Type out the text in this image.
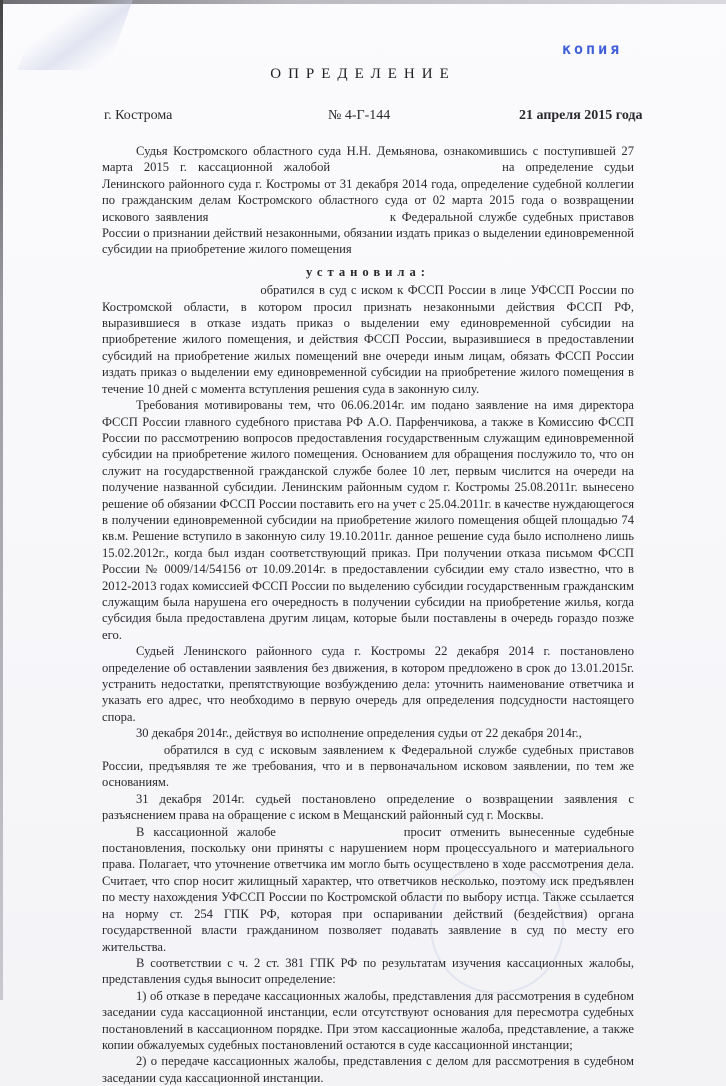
копия
ОПРЕДЕЛЕНИЕ
г. Кострома	№ 4-Г-144	21 апреля 2015 года

Судья Костромского областного суда Н.Н. Демьянова, ознакомившись с поступившей 27 марта 2015 г. кассационной жалобой	на определение судьи Ленинского районного суда г. Костромы от 31 декабря 2014 года, определение судебной коллегии по гражданским делам Костромского областного суда от 02 марта 2015 года о возвращении искового заявления	к Федеральной службе судебных приставов России о признании действий незаконными, обязании издать приказ о выделении единовременной субсидии на приобретение жилого помещения

установила:

обратился в суд с иском к ФССП России в лице УФССП России по Костромской области, в котором просил признать незаконными действия ФССП РФ, выразившиеся в отказе издать приказ о выделении ему единовременной субсидии на приобретение жилого помещения, и действия ФССП России, выразившиеся в предоставлении субсидий на приобретение жилых помещений вне очереди иным лицам, обязать ФССП России издать приказ о выделении ему единовременной субсидии на приобретение жилого помещения в течение 10 дней с момента вступления решения суда в законную силу.

Требования мотивированы тем, что 06.06.2014г. им подано заявление на имя директора ФССП России главного судебного пристава РФ А.О. Парфенчикова, а также в Комиссию ФССП России по рассмотрению вопросов предоставления государственным служащим единовременной субсидии на приобретение жилого помещения. Основанием для обращения послужило то, что он служит на государственной гражданской службе более 10 лет, первым числится на очереди на получение названной субсидии. Ленинским районным судом г. Костромы 25.08.2011г. вынесено решение об обязании ФССП России поставить его на учет с 25.04.2011г. в качестве нуждающегося в получении единовременной субсидии на приобретение жилого помещения общей площадью 74 кв.м. Решение вступило в законную силу 19.10.2011г. данное решение суда было исполнено лишь 15.02.2012г., когда был издан соответствующий приказ. При получении отказа письмом ФССП России № 0009/14/54156 от 10.09.2014г. в предоставлении субсидии ему стало известно, что в 2012-2013 годах комиссией ФССП России по выделению субсидии государственным гражданским служащим была нарушена его очередность в получении субсидии на приобретение жилья, когда субсидия была предоставлена другим лицам, которые были поставлены в очередь гораздо позже его.

Судьей Ленинского районного суда г. Костромы 22 декабря 2014 г. постановлено определение об оставлении заявления без движения, в котором предложено в срок до 13.01.2015г. устранить недостатки, препятствующие возбуждению дела: уточнить наименование ответчика и указать его адрес, что необходимо в первую очередь для определения подсудности настоящего спора.

30 декабря 2014г., действуя во исполнение определения судьи от 22 декабря 2014г.,

обратился в суд с исковым заявлением к Федеральной службе судебных приставов России, предъявляя те же требования, что и в первоначальном исковом заявлении, по тем же основаниям.

31 декабря 2014г. судьей постановлено определение о возвращении заявления с разъяснением права на обращение с иском в Мещанский районный суд г. Москвы.

В кассационной жалобе	просит отменить вынесенные судебные постановления, поскольку они приняты с нарушением норм процессуального и материального права. Полагает, что уточнение ответчика им могло быть осуществлено в ходе рассмотрения дела. Считает, что спор носит жилищный характер, что ответчиков несколько, поэтому иск предъявлен по месту нахождения УФССП России по Костромской области по выбору истца. Также ссылается на норму ст. 254 ГПК РФ, которая при оспаривании действий (бездействия) органа государственной власти гражданином позволяет подавать заявление в суд по месту его жительства.

В соответствии с ч. 2 ст. 381 ГПК РФ по результатам изучения кассационных жалобы, представления судья выносит определение:

1) об отказе в передаче кассационных жалобы, представления для рассмотрения в судебном заседании суда кассационной инстанции, если отсутствуют основания для пересмотра судебных постановлений в кассационном порядке. При этом кассационные жалоба, представление, а также копии обжалуемых судебных постановлений остаются в суде кассационной инстанции;

2) о передаче кассационных жалобы, представления с делом для рассмотрения в судебном заседании суда кассационной инстанции.
